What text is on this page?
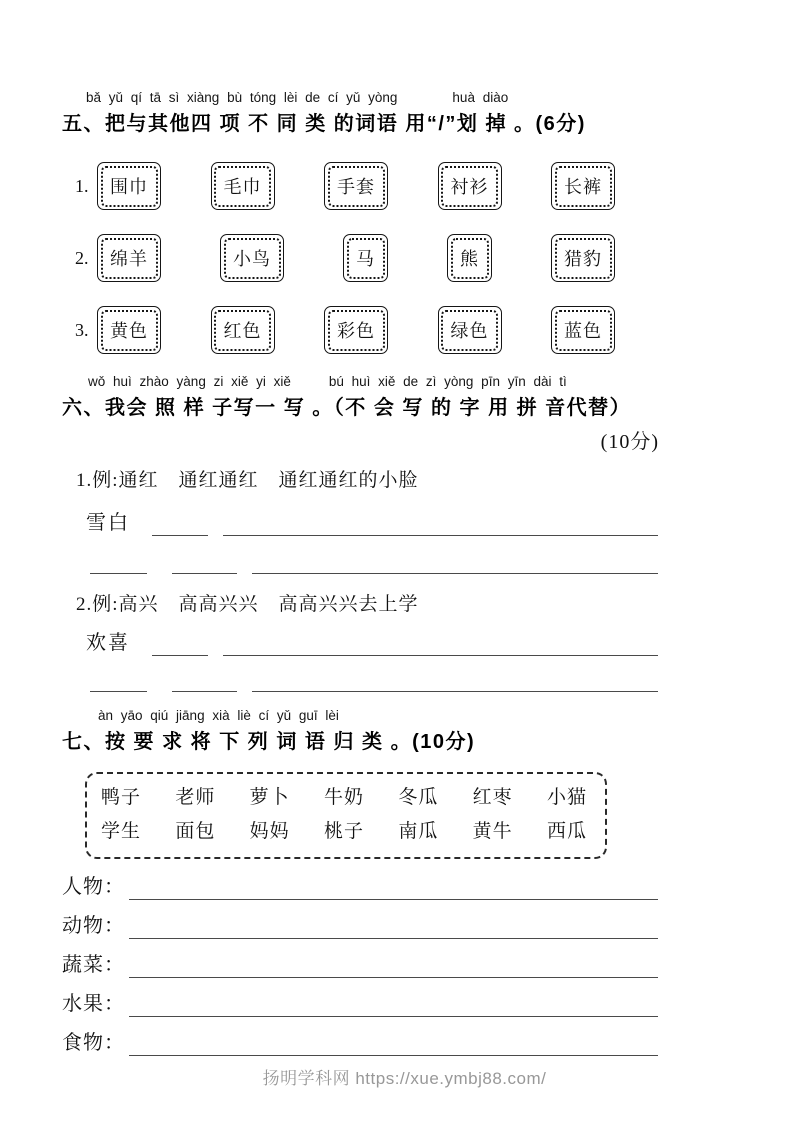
bǎ yǔ qí tā sì xiàng bù tóng lèi de cí yǔ yòng	huà diào
五、把与其他四 项 不 同 类 的词语 用“/”划 掉 。(6分)
1.	围巾	毛巾	手套	衬衫	长裤
2.	绵羊	小鸟	马	熊	猎豹
3.	黄色	红色	彩色	绿色	蓝色
wǒ huì zhào yàng zi xiě yi xiě	bú huì xiě de zì yòng pīn yīn dài tì
六、我会 照 样 子写一 写 。（不 会 写 的 字 用 拼 音代替）
(10分)
1.例:通红　通红通红　通红通红的小脸
雪白
2.例:高兴　高高兴兴　高高兴兴去上学
欢喜
àn yāo qiú jiāng xià liè cí yǔ guī lèi
七、按 要 求 将 下 列 词 语 归 类 。(10分)
鸭子 老师 萝卜 牛奶 冬瓜 红枣 小猫
学生 面包 妈妈 桃子 南瓜 黄牛 西瓜
人物：
动物：
蔬菜：
水果：
食物：
扬明学科网 https://xue.ymbj88.com/
